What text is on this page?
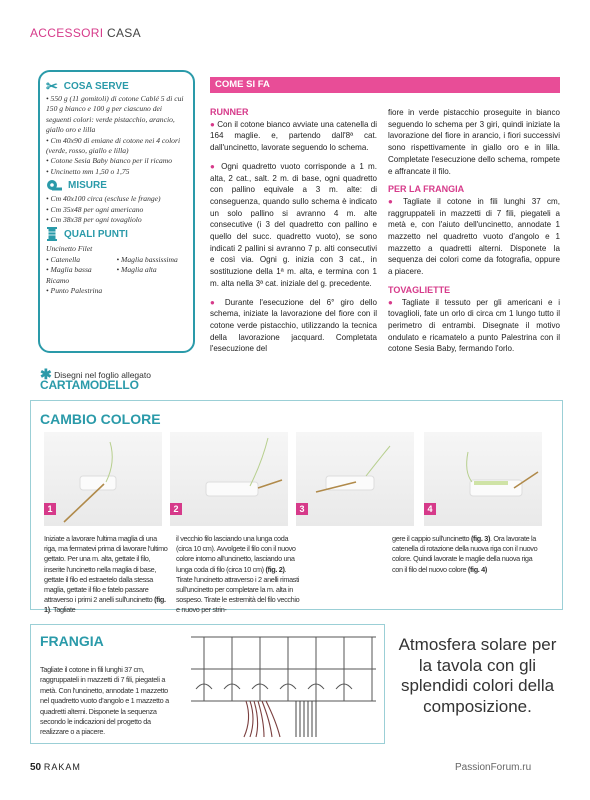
ACCESSORI CASA
✂ COSA SERVE
• 550 g (11 gomitoli) di cotone Cablé 5 di cui 150 g bianco e 100 g per ciascuno dei seguenti colori: verde pistacchio, arancio, giallo oro e lilla
• Cm 40x90 di emiane di cotone nei 4 colori (verde, rosso, giallo e lilla)
• Cotone Sesia Baby bianco per il ricamo
• Uncinetto mm 1,50 o 1,75
MISURE
• Cm 40x100 circa (escluse le frange)
• Cm 35x48 per ogni americano
• Cm 38x38 per ogni tovagliolo
QUALI PUNTI
Uncinetto Filet
• Catenella
• Maglia bassa
• Maglia bassissima
• Maglia alta
Ricamo
• Punto Palestrina
✱ Disegni nel foglio allegato
CARTAMODELLO
COME SI FA
RUNNER

● Con il cotone bianco avviate una catenella di 164 maglie. e, partendo dall'8ª cat. dall'uncinetto, lavorate seguendo lo schema.

● Ogni quadretto vuoto corrisponde a 1 m. alta, 2 cat., salt. 2 m. di base, ogni quadretto con pallino equivale a 3 m. alte: di conseguenza, quando sullo schema è indicato un solo pallino si avranno 4 m. alte consecutive (i 3 del quadretto con pallino e quello del succ. quadretto vuoto), se sono indicati 2 pallini si avranno 7 p. alti consecutivi e così via. Ogni g. inizia con 3 cat., in sostituzione della 1ª m. alta, e termina con 1 m. alta nella 3ª cat. iniziale del g. precedente.

● Durante l'esecuzione del 6° giro dello schema, iniziate la lavorazione del fiore con il cotone verde pistacchio, utilizzando la tecnica della lavorazione jacquard. Completata l'esecuzione del

fiore in verde pistacchio proseguite in bianco seguendo lo schema per 3 giri, quindi iniziate la lavorazione del fiore in arancio, i fiori successivi sono rispettivamente in giallo oro e in lilla. Completate l'esecuzione dello schema, rompete e affrancate il filo.

PER LA FRANGIA

● Tagliate il cotone in fili lunghi 37 cm, raggruppateli in mazzetti di 7 fili, piegateli a metà e, con l'aiuto dell'uncinetto, annodate 1 mazzetto nel quadretto vuoto d'angolo e 1 mazzetto a quadretti alterni. Disponete la sequenza dei colori come da fotografia, oppure a piacere.

TOVAGLIETTE

● Tagliate il tessuto per gli americani e i tovaglioli, fate un orlo di circa cm 1 lungo tutto il perimetro di entrambi. Disegnate il motivo ondulato e ricamatelo a punto Palestrina con il cotone Sesia Baby, fermando l'orlo.

CAMBIO COLORE
1	2	3	4
Iniziate a lavorare l'ultima maglia di una riga, ma fermatevi prima di lavorare l'ultimo gettato. Per una m. alta, gettate il filo, inserite l'uncinetto nella maglia di base, gettate il filo ed estraetelo dalla stessa maglia, gettate il filo e fatelo passare attraverso i primi 2 anelli sull'uncinetto (fig. 1). Tagliate
il vecchio filo lasciando una lunga coda (circa 10 cm). Avvolgete il filo con il nuovo colore intorno all'uncinetto, lasciando una lunga coda di filo (circa 10 cm) (fig. 2). Tirate l'uncinetto attraverso i 2 anelli rimasti sull'uncinetto per completare la m. alta in sospeso. Tirate le estremità del filo vecchio e nuovo per strin-
gere il cappio sull'uncinetto (fig. 3). Ora lavorate la catenella di rotazione della nuova riga con il nuovo colore. Quindi lavorate le maglie della nuova riga con il filo del nuovo colore (fig. 4)
FRANGIA
Tagliate il cotone in fili lunghi 37 cm, raggruppateli in mazzetti di 7 fili, piegateli a metà. Con l'uncinetto, annodate 1 mazzetto nel quadretto vuoto d'angolo e 1 mazzetto a quadretti alterni. Disponete la sequenza secondo le indicazioni del progetto da realizzare o a piacere.
Atmosfera solare per la tavola con gli splendidi colori della composizione.
50 RAKAM	PassionForum.ru
